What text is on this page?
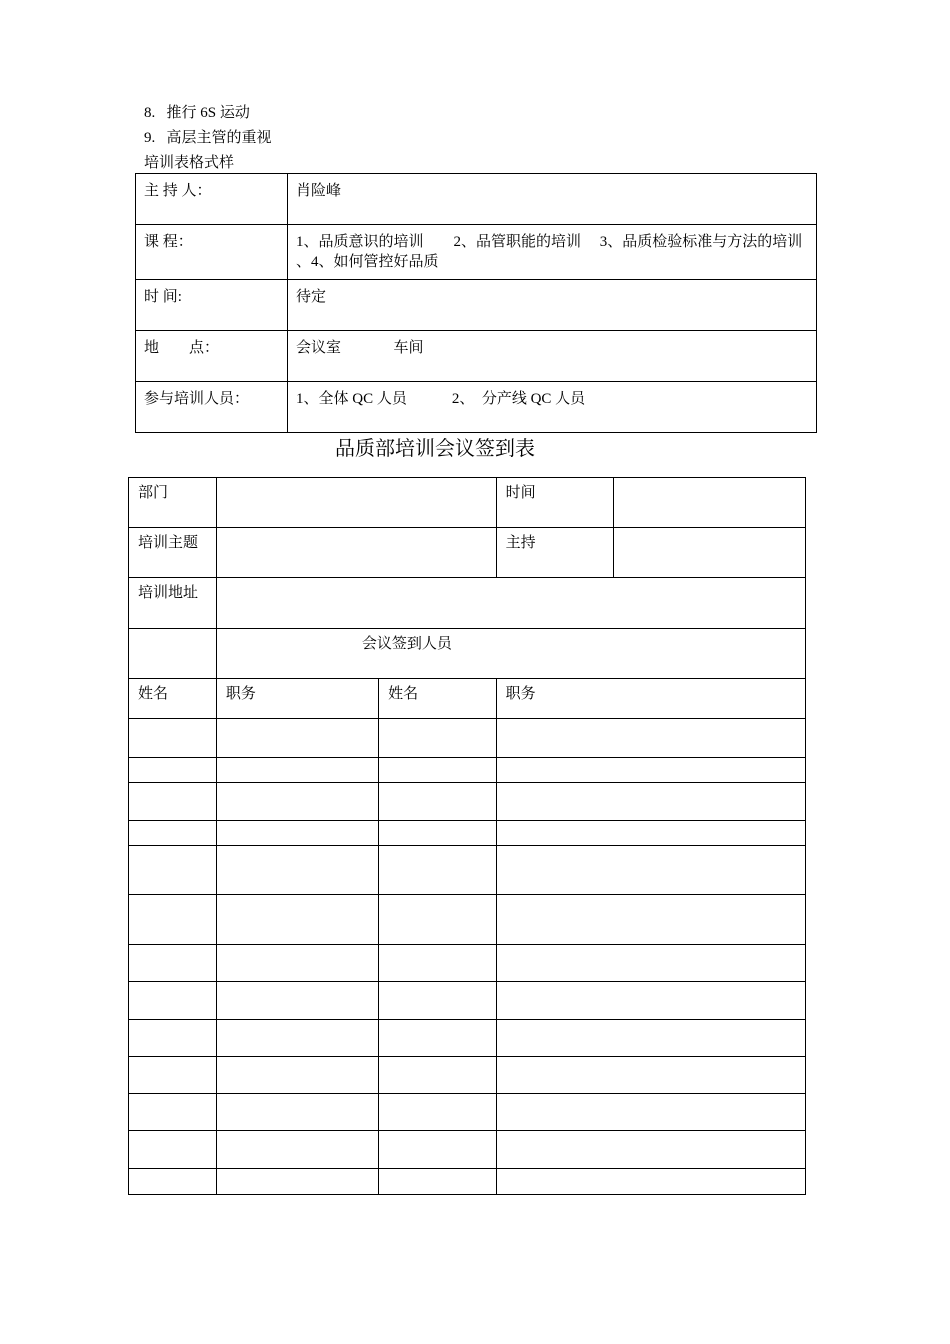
8. 推行 6S 运动
9. 高层主管的重视
培训表格式样
主 持 人：	肖险峰
课 程：	1、品质意识的培训        2、品管职能的培训     3、品质检验标准与方法的培训            、4、如何管控好品质
时 间:	待定
地        点：	会议室              车间
参与培训人员：	1、全体 QC 人员            2、  分产线 QC 人员
品质部培训会议签到表
部门			时间	
培训主题			主持	
培训地址				
	会议签到人员			
姓名	职务	姓名	职务	
